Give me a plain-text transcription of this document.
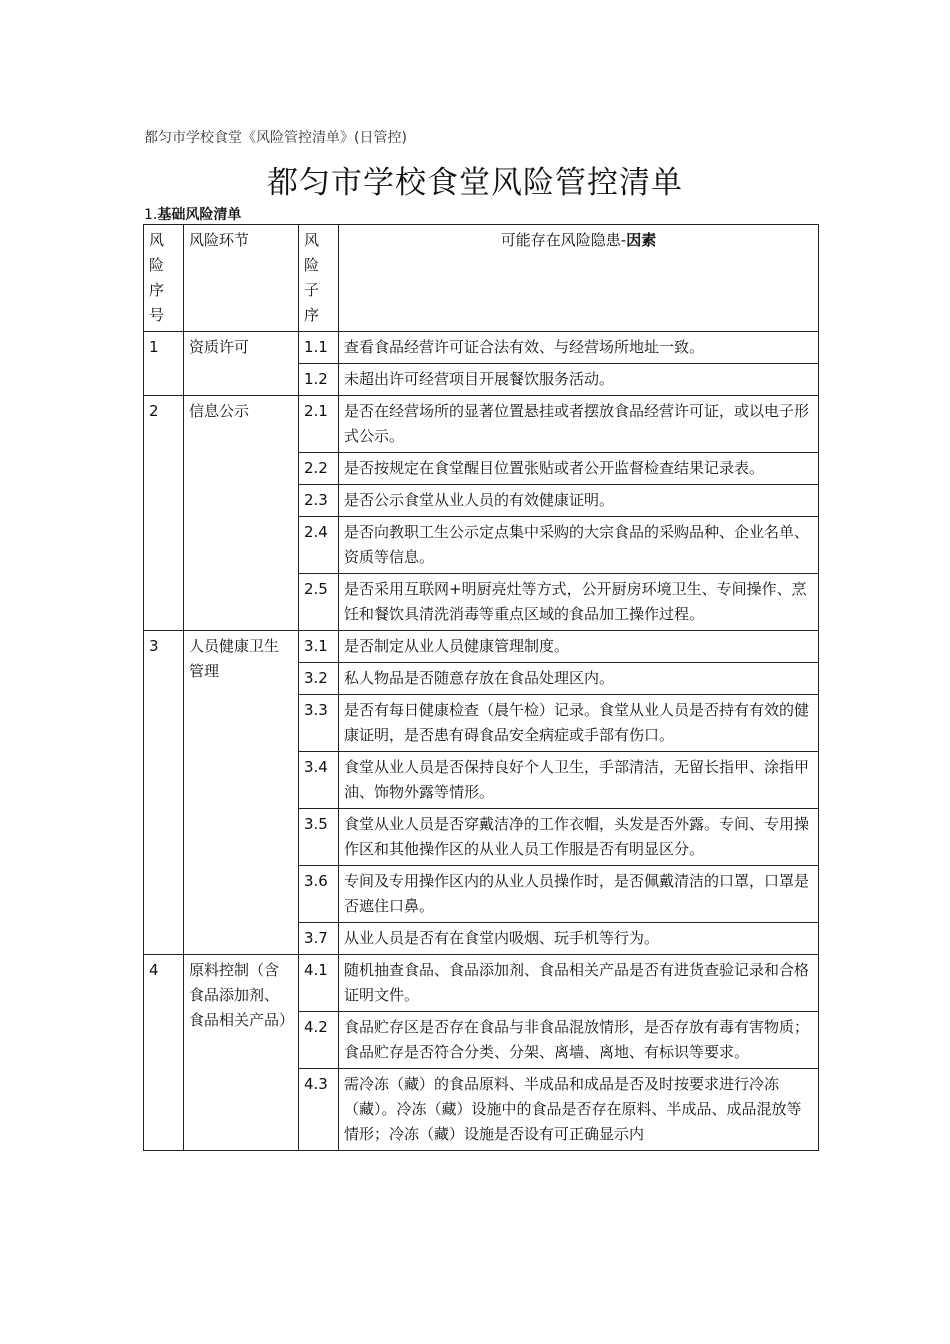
都匀市学校食堂《风险管控清单》(日管控)
都匀市学校食堂风险管控清单
1.基础风险清单
风险序号	风险环节	风险子序	可能存在风险隐患-因素
1	资质许可	1.1	查看食品经营许可证合法有效、与经营场所地址一致。
		1.2	未超出许可经营项目开展餐饮服务活动。
2	信息公示	2.1	是否在经营场所的显著位置悬挂或者摆放食品经营许可证，或以电子形式公示。
		2.2	是否按规定在食堂醒目位置张贴或者公开监督检查结果记录表。
		2.3	是否公示食堂从业人员的有效健康证明。
		2.4	是否向教职工生公示定点集中采购的大宗食品的采购品种、企业名单、资质等信息。
		2.5	是否采用互联网+明厨亮灶等方式，公开厨房环境卫生、专间操作、烹饪和餐饮具清洗消毒等重点区域的食品加工操作过程。
3	人员健康卫生管理	3.1	是否制定从业人员健康管理制度。
		3.2	私人物品是否随意存放在食品处理区内。
		3.3	是否有每日健康检查（晨午检）记录。食堂从业人员是否持有有效的健康证明，是否患有碍食品安全病症或手部有伤口。
		3.4	食堂从业人员是否保持良好个人卫生，手部清洁，无留长指甲、涂指甲油、饰物外露等情形。
		3.5	食堂从业人员是否穿戴洁净的工作衣帽，头发是否外露。专间、专用操作区和其他操作区的从业人员工作服是否有明显区分。
		3.6	专间及专用操作区内的从业人员操作时，是否佩戴清洁的口罩，口罩是否遮住口鼻。
		3.7	从业人员是否有在食堂内吸烟、玩手机等行为。
4	原料控制（含食品添加剂、食品相关产品）	4.1	随机抽查食品、食品添加剂、食品相关产品是否有进货查验记录和合格证明文件。
		4.2	食品贮存区是否存在食品与非食品混放情形，是否存放有毒有害物质；食品贮存是否符合分类、分架、离墙、离地、有标识等要求。
		4.3	需冷冻（藏）的食品原料、半成品和成品是否及时按要求进行冷冻（藏）。冷冻（藏）设施中的食品是否存在原料、半成品、成品混放等情形；冷冻（藏）设施是否设有可正确显示内
